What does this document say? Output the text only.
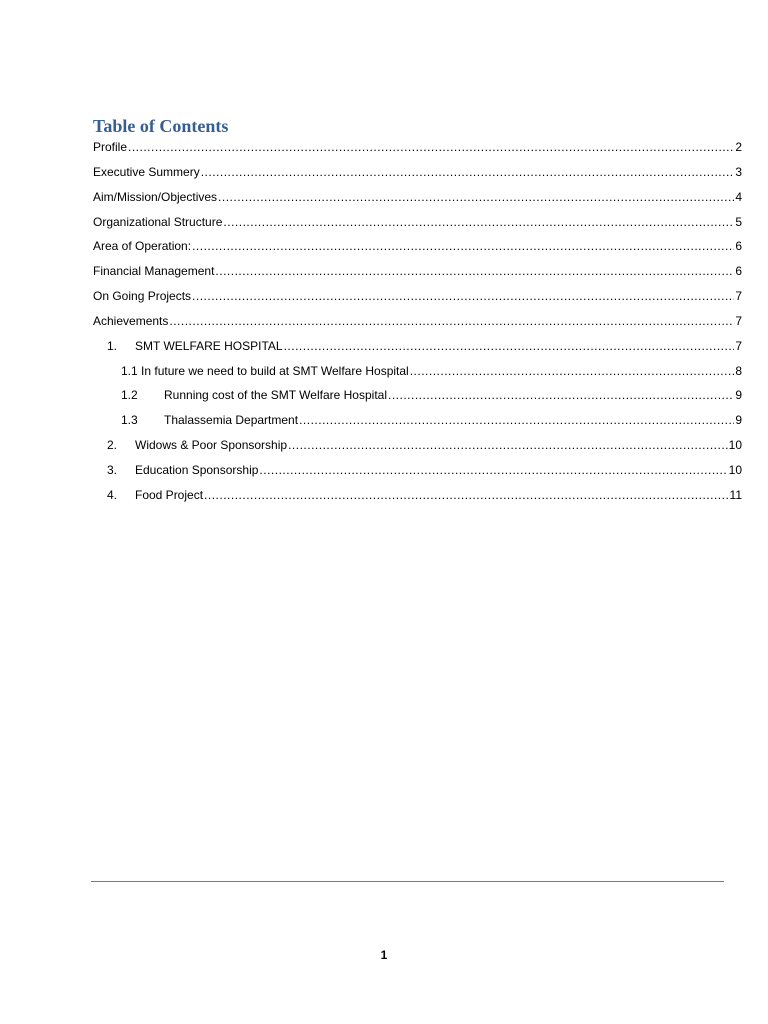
Table of Contents
Profile .....	2
Executive Summery .....	3
Aim/Mission/Objectives .....	4
Organizational Structure .....	5
Area of Operation: .....	6
Financial Management .....	6
On Going Projects .....	7
Achievements .....	7
1.	SMT WELFARE HOSPITAL .....	7
1.1 In future we need to build at SMT Welfare Hospital .....	8
1.2	Running cost of the SMT Welfare Hospital .....	9
1.3	Thalassemia Department .....	9
2.	Widows & Poor Sponsorship .....	10
3.	Education Sponsorship .....	10
4.	Food Project .....	11
1
